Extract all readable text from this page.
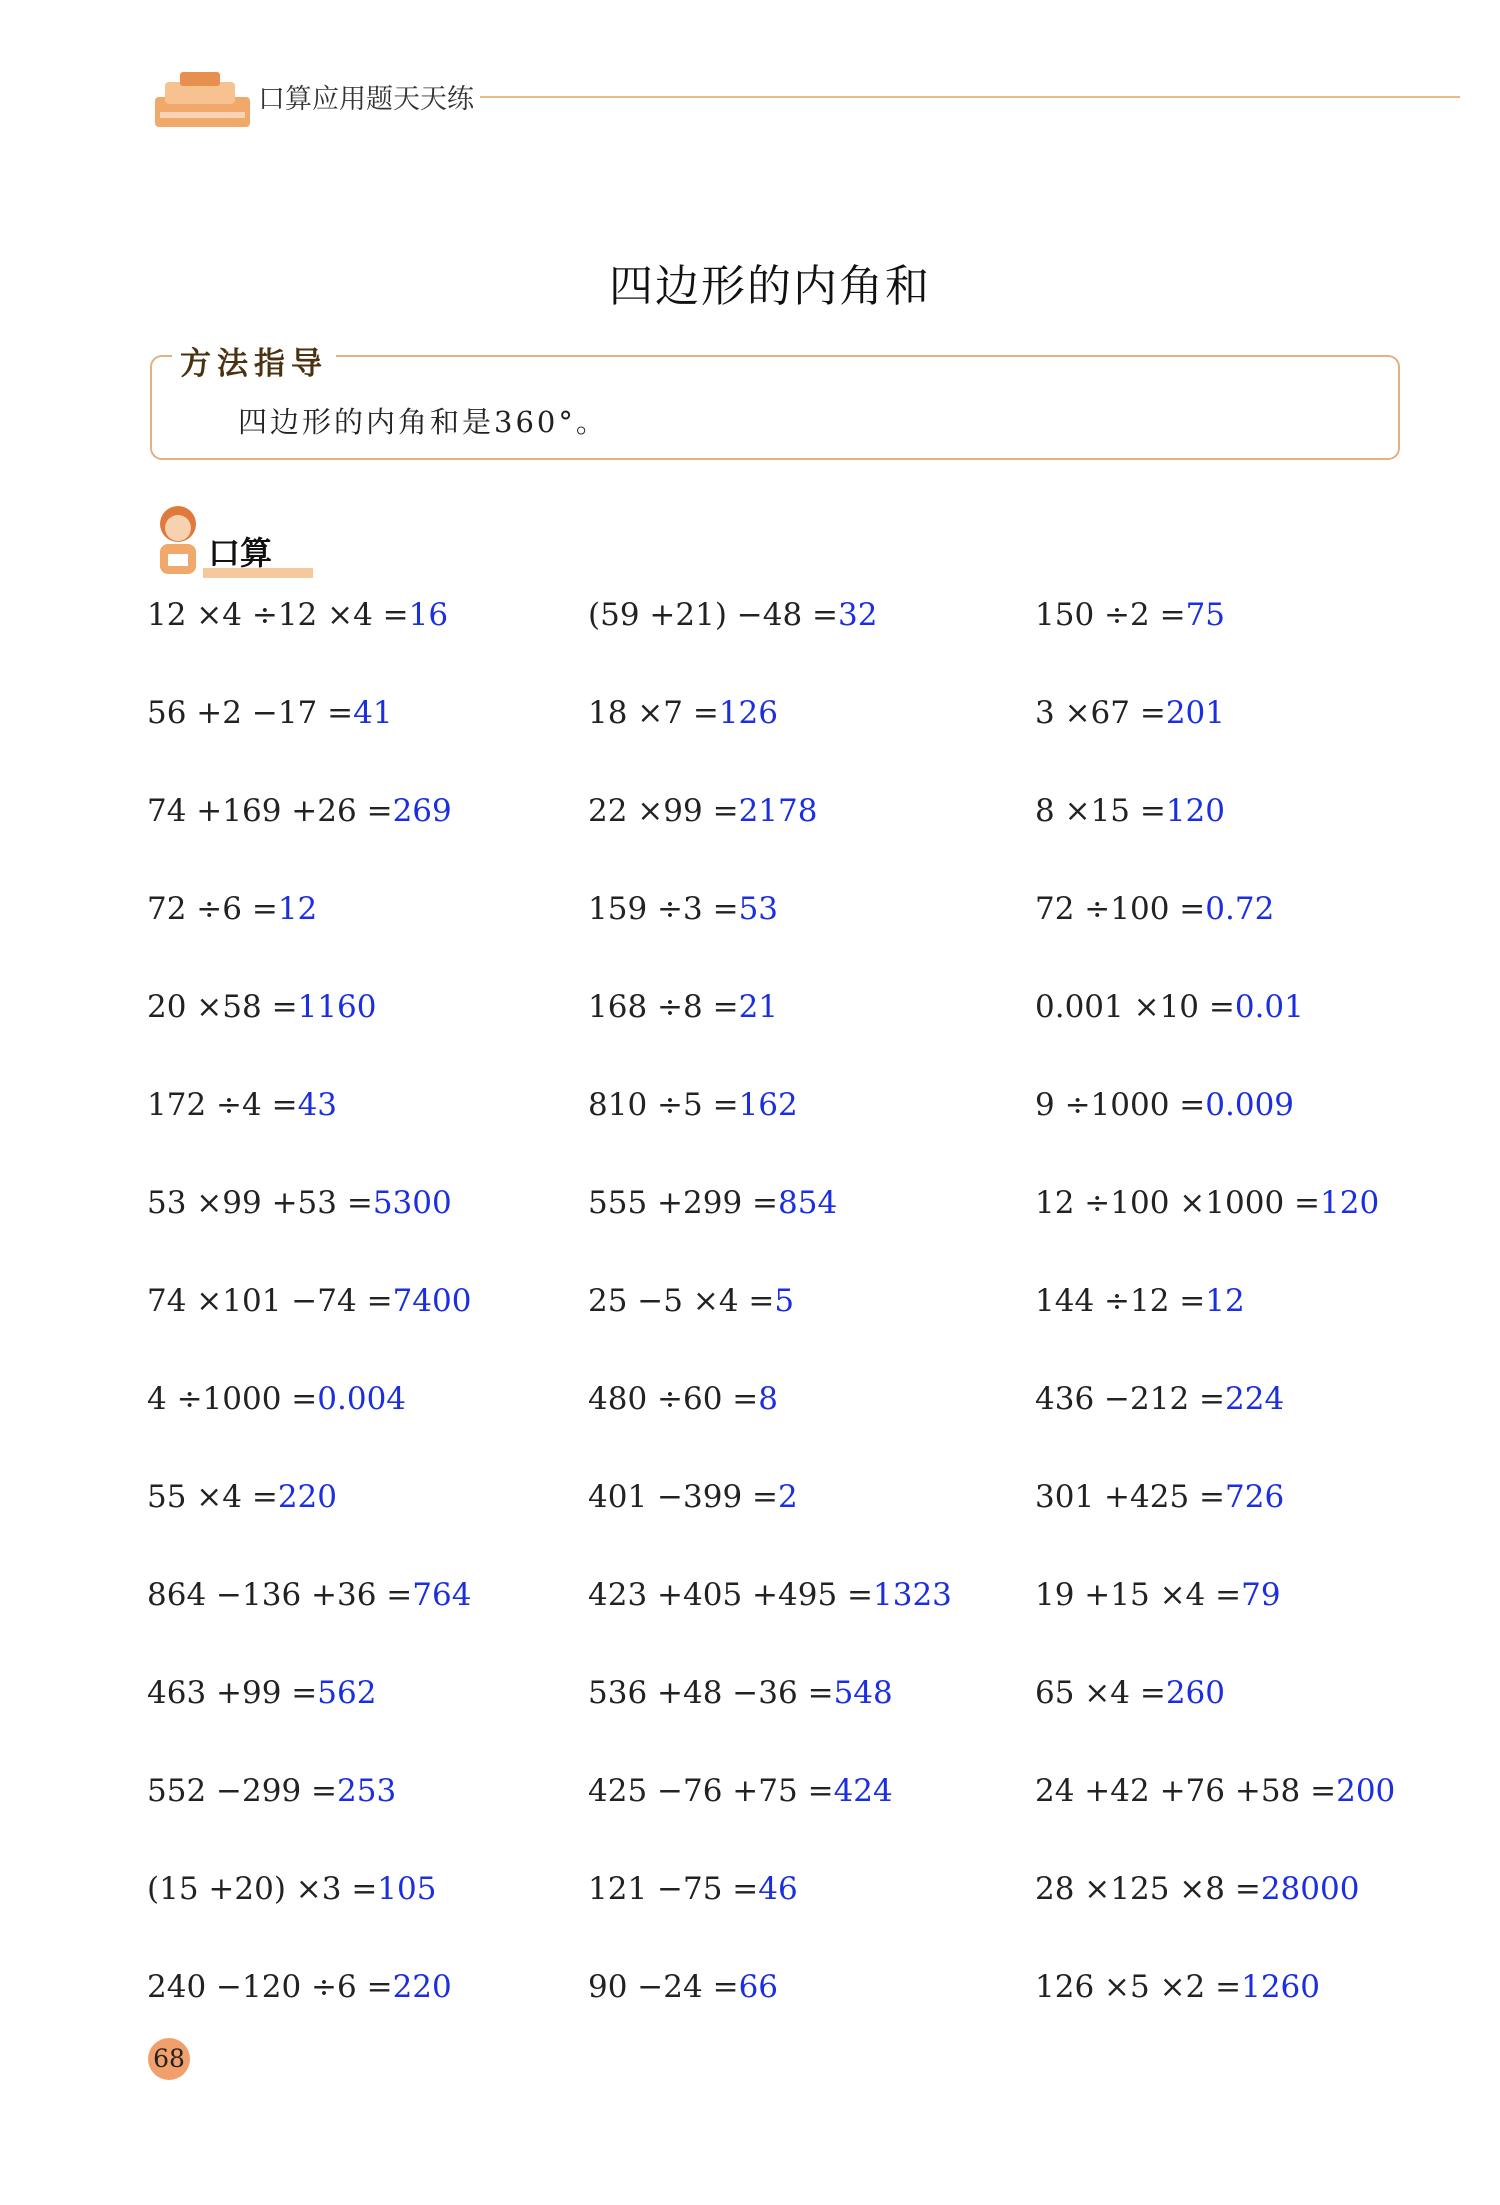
口算应用题天天练
四边形的内角和
方法指导
四边形的内角和是360°。
口算
12 ×4 ÷12 ×4 =16
56 +2 −17 =41
74 +169 +26 =269
72 ÷6 =12
20 ×58 =1160
172 ÷4 =43
53 ×99 +53 =5300
74 ×101 −74 =7400
4 ÷1000 =0.004
55 ×4 =220
864 −136 +36 =764
463 +99 =562
552 −299 =253
(15 +20) ×3 =105
240 −120 ÷6 =220
(59 +21) −48 =32
18 ×7 =126
22 ×99 =2178
159 ÷3 =53
168 ÷8 =21
810 ÷5 =162
555 +299 =854
25 −5 ×4 =5
480 ÷60 =8
401 −399 =2
423 +405 +495 =1323
536 +48 −36 =548
425 −76 +75 =424
121 −75 =46
90 −24 =66
150 ÷2 =75
3 ×67 =201
8 ×15 =120
72 ÷100 =0.72
0.001 ×10 =0.01
9 ÷1000 =0.009
12 ÷100 ×1000 =120
144 ÷12 =12
436 −212 =224
301 +425 =726
19 +15 ×4 =79
65 ×4 =260
24 +42 +76 +58 =200
28 ×125 ×8 =28000
126 ×5 ×2 =1260
68
